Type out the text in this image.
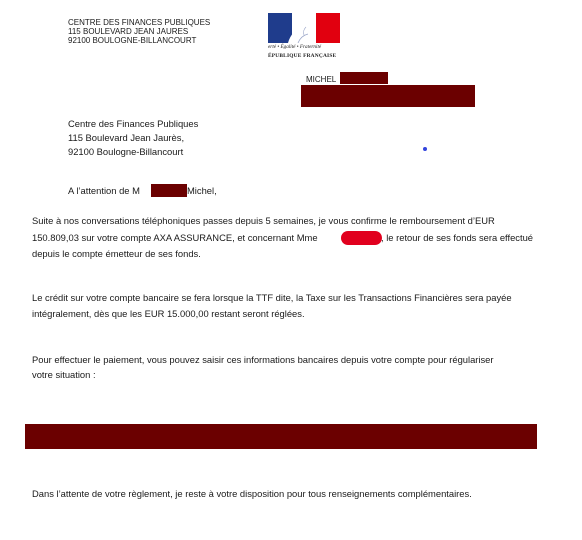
CENTRE DES FINANCES PUBLIQUES
115 BOULEVARD JEAN JAURES
92100 BOULOGNE-BILLANCOURT
erté • Égalité • Fraternité
ÉPUBLIQUE FRANÇAISE
MICHEL
Centre des Finances Publiques
115 Boulevard Jean Jaurès,
92100 Boulogne-Billancourt
A l’attention de M	Michel,
Suite à nos conversations téléphoniques passes depuis 5 semaines, je vous confirme le remboursement d’EUR
150.809,03 sur votre compte AXA ASSURANCE, et concernant Mme	, le retour de ses fonds sera effectué
depuis le compte émetteur de ses fonds.
Le crédit sur votre compte bancaire se fera lorsque la TTF dite, la Taxe sur les Transactions Financières sera payée
intégralement, dès que les EUR 15.000,00 restant seront réglées.
Pour effectuer le paiement, vous pouvez saisir ces informations bancaires depuis votre compte pour régulariser
votre situation :
Dans l’attente de votre règlement, je reste à votre disposition pour tous renseignements complémentaires.
